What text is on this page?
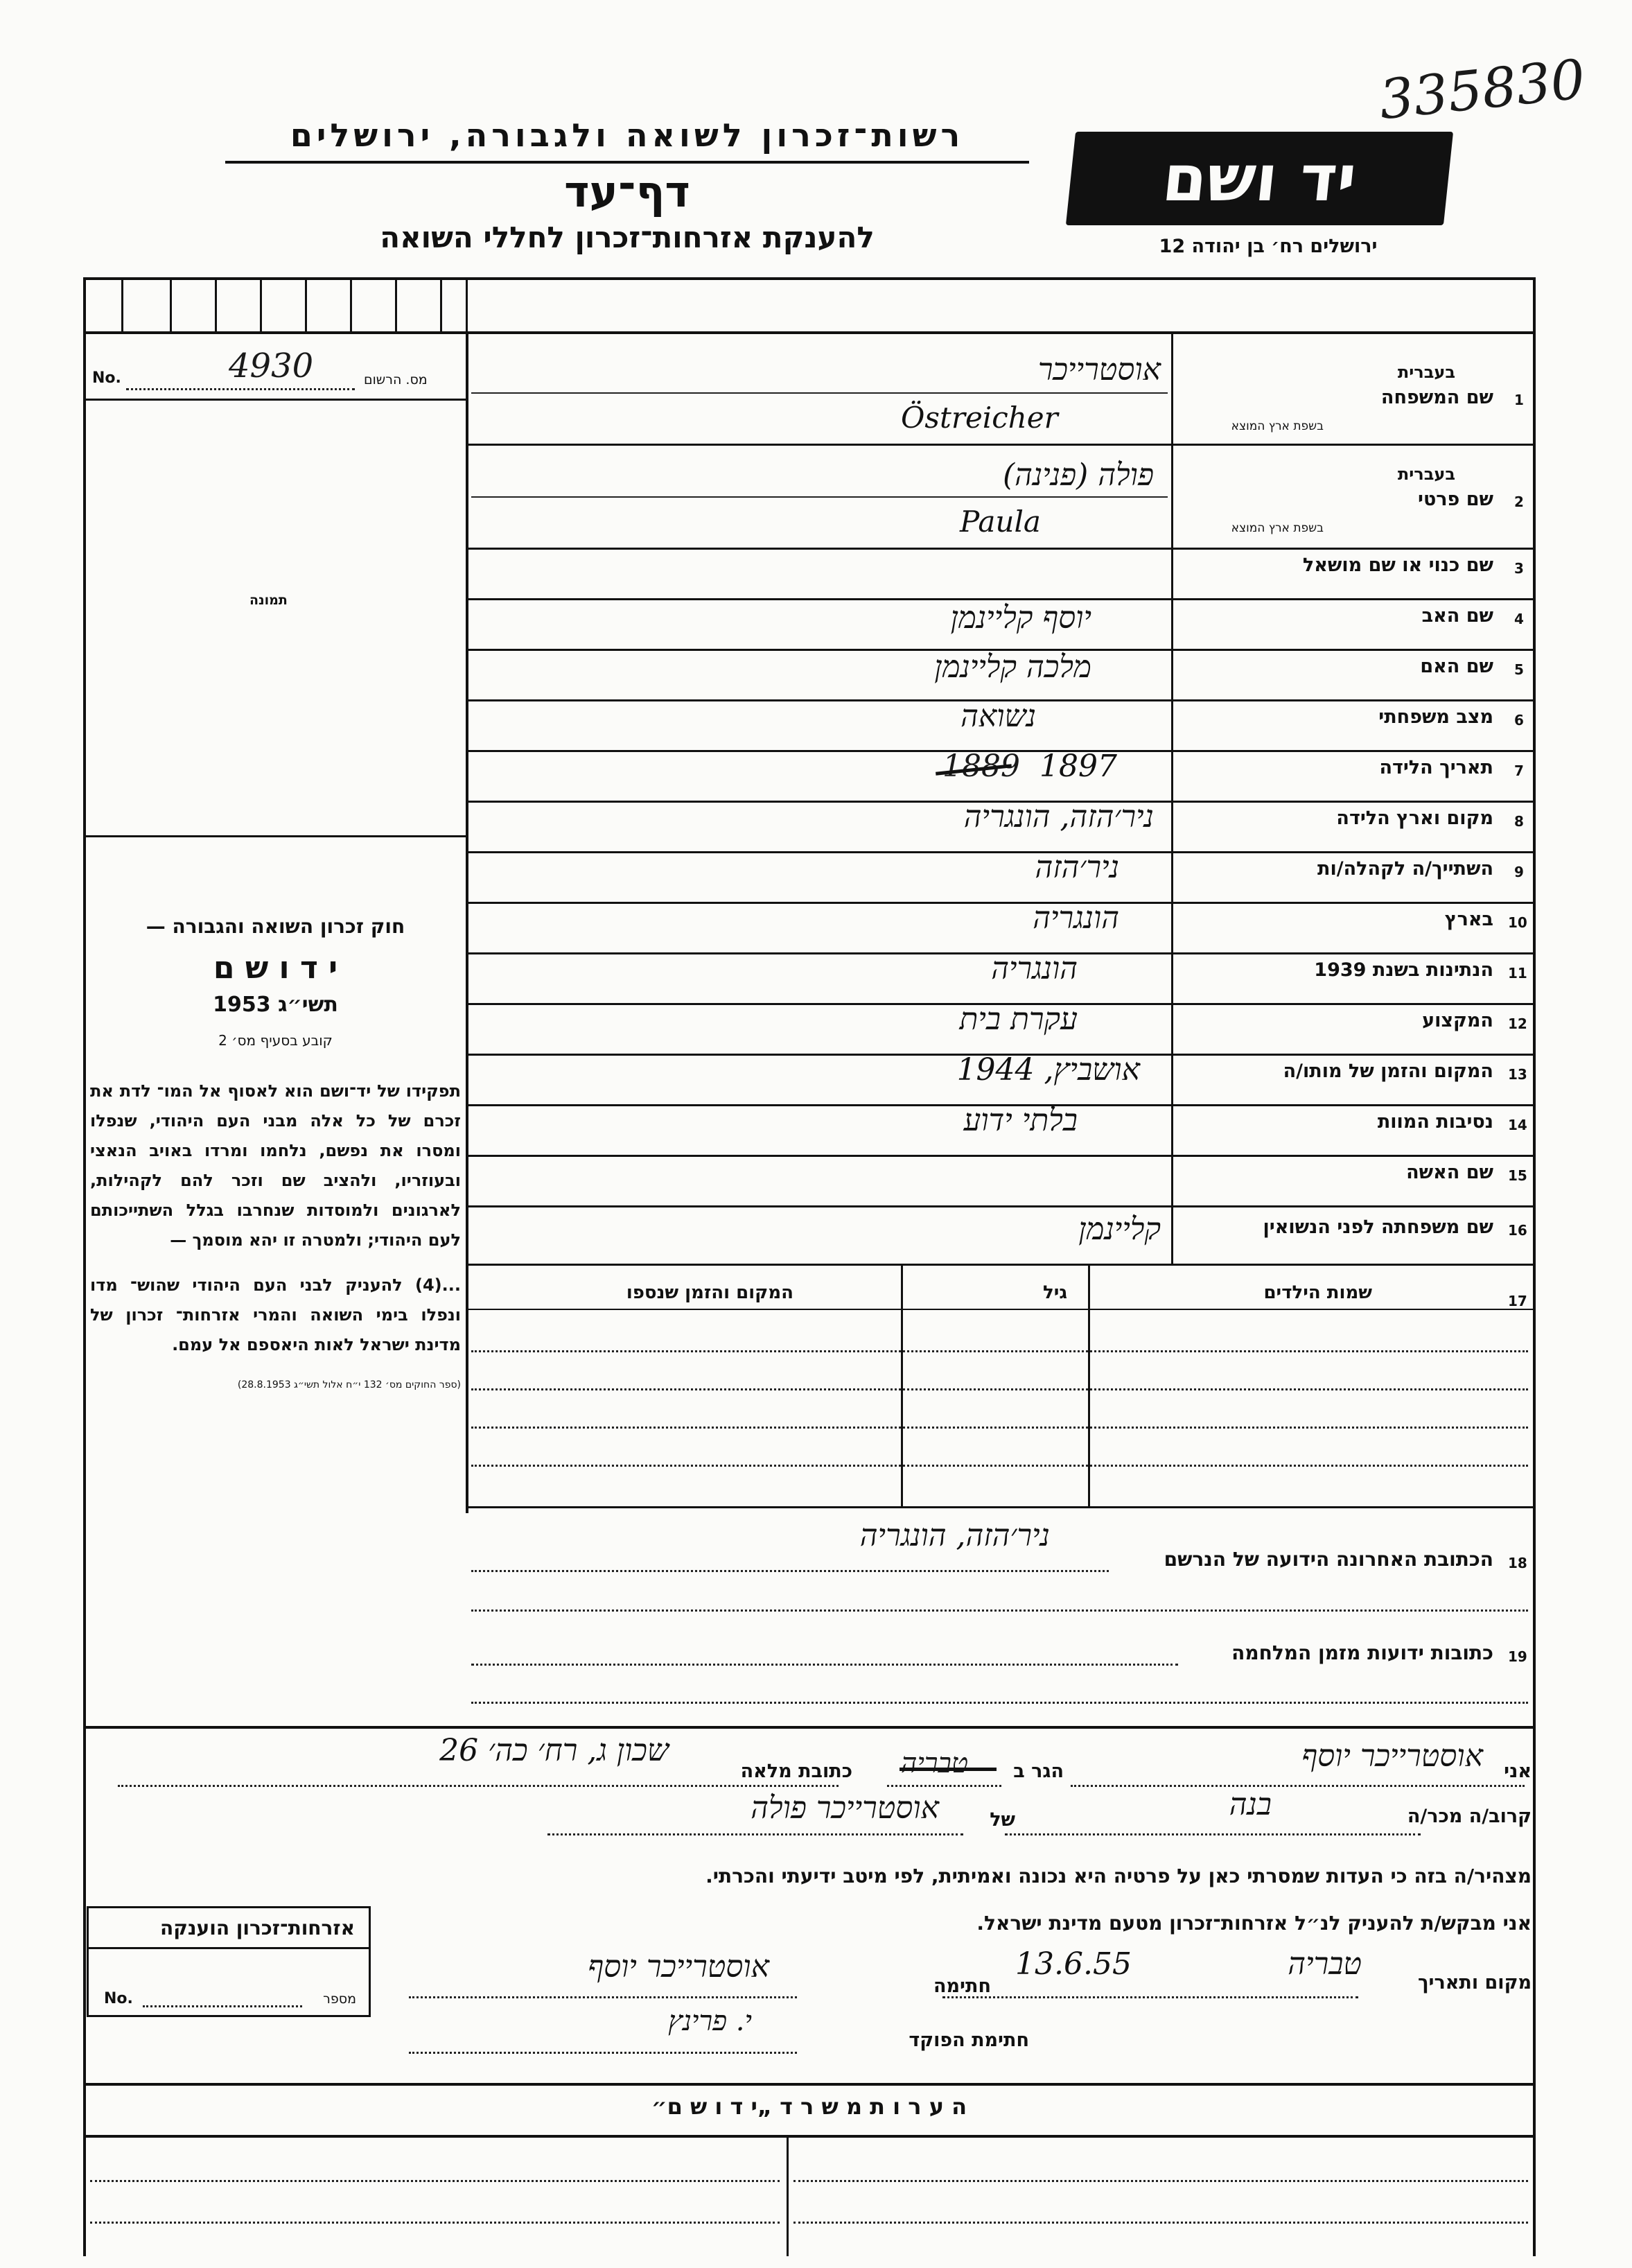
335830
יד ושם
ירושלים רח׳ בן יהודה 12
רשות־זכרון לשואה ולגבורה, ירושלים
דף־עד
להענקת אזרחות־זכרון לחללי השואה
No.	4930	מס. הרשום
תמונה
חוק זכרון השואה והגבורה —
י ד ו ש ם
תשי״ג 1953
קובע בסעיף מס׳ 2
תפקידו של יד־ושם הוא לאסוף אל המו־ לדת את זכרם של כל אלה מבני העם היהודי, שנפלו ומסרו את נפשם, נלחמו ומרדו באויב הנאצי ובעוזריו, ולהציב שם וזכר להם לקהילות, לארגונים ולמוסדות שנחרבו בגלל השתייכותם לעם היהודי; ולמטרה זו יהא מוסמך —
...(4) להעניק לבני העם היהודי שהוש־ מדו ונפלו בימי השואה והמרי אזרחות־ זכרון של מדינת ישראל לאות היאספם אל עמם.
(ספר החוקים מס׳ 132 י״ח אלול תשי״ג 28.8.1953)
בעברית
שם המשפחה 1
בשפת ארץ המוצא
אוסטרייכר
Östreicher
בעברית
שם פרטי 2
בשפת ארץ המוצא
פולה (פנינה)
Paula
שם כנוי או שם מושאל 3
שם האב 4
יוסף קליינמן
שם האם 5
מלכה קליינמן
מצב משפחתי 6
נשואה
תאריך הלידה 7
1889 1897
מקום וארץ הלידה 8
ניר׳הזה, הונגריה
השתייך/ה לקהלה/ות 9
ניר׳הזה
בארץ 10
הונגריה
הנתינות בשנת 1939 11
הונגריה
המקצוע 12
עקרת בית
המקום והזמן של מותו/ה 13
אושביץ, 1944
נסיבות המוות 14
בלתי ידוע
שם האשה 15
שם משפחתה לפני הנשואין 16
קליינמן
17
שמות הילדים
גיל
המקום והזמן שנספו
18
הכתובת האחרונה הידועה של הנרשם
ניר׳הזה, הונגריה
19
כתובות ידועות מזמן המלחמה
אני
אוסטרייכר יוסף
הגר ב
טבריה
כתובת מלאה
שכון ג, רח׳ כה׳ 26
קרוב/ה מכר/ה
בנה
של
אוסטרייכר פולה
מצהיר/ה בזה כי העדות שמסרתי כאן על פרטיה היא נכונה ואמיתית, לפי מיטב ידיעתי והכרתי.
אני מבקש/ת להעניק לנ״ל אזרחות־זכרון מטעם מדינת ישראל.
מקום ותאריך
טבריה
13.6.55
חתימה
אוסטרייכר יוסף
חתימת הפוקד
י. פרינץ
אזרחות־זכרון הוענקה
No.	מספר
ה ע ר ו ת מ ש ר ד „י ד ו ש ם״
